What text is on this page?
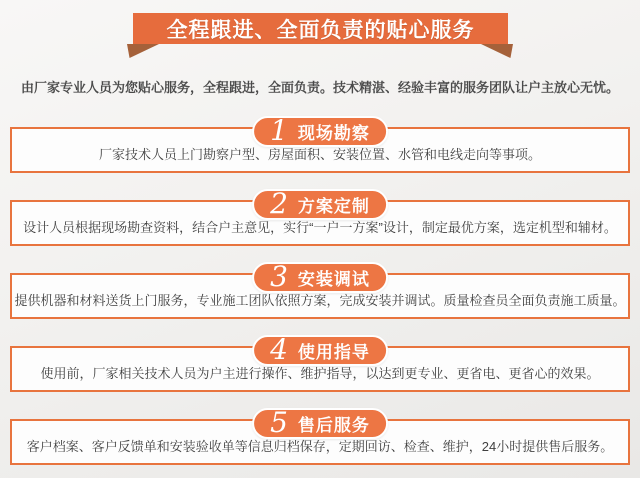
全程跟进、全面负责的贴心服务
由厂家专业人员为您贴心服务，全程跟进，全面负责。技术精湛、经验丰富的服务团队让户主放心无忧。
1 现场勘察
厂家技术人员上门勘察户型、房屋面积、安装位置、水管和电线走向等事项。
2 方案定制
设计人员根据现场勘查资料，结合户主意见，实行“一户一方案”设计，制定最优方案，选定机型和辅材。
3 安装调试
提供机器和材料送货上门服务，专业施工团队依照方案，完成安装并调试。质量检查员全面负责施工质量。
4 使用指导
使用前，厂家相关技术人员为户主进行操作、维护指导，以达到更专业、更省电、更省心的效果。
5 售后服务
客户档案、客户反馈单和安装验收单等信息归档保存，定期回访、检查、维护，24小时提供售后服务。
